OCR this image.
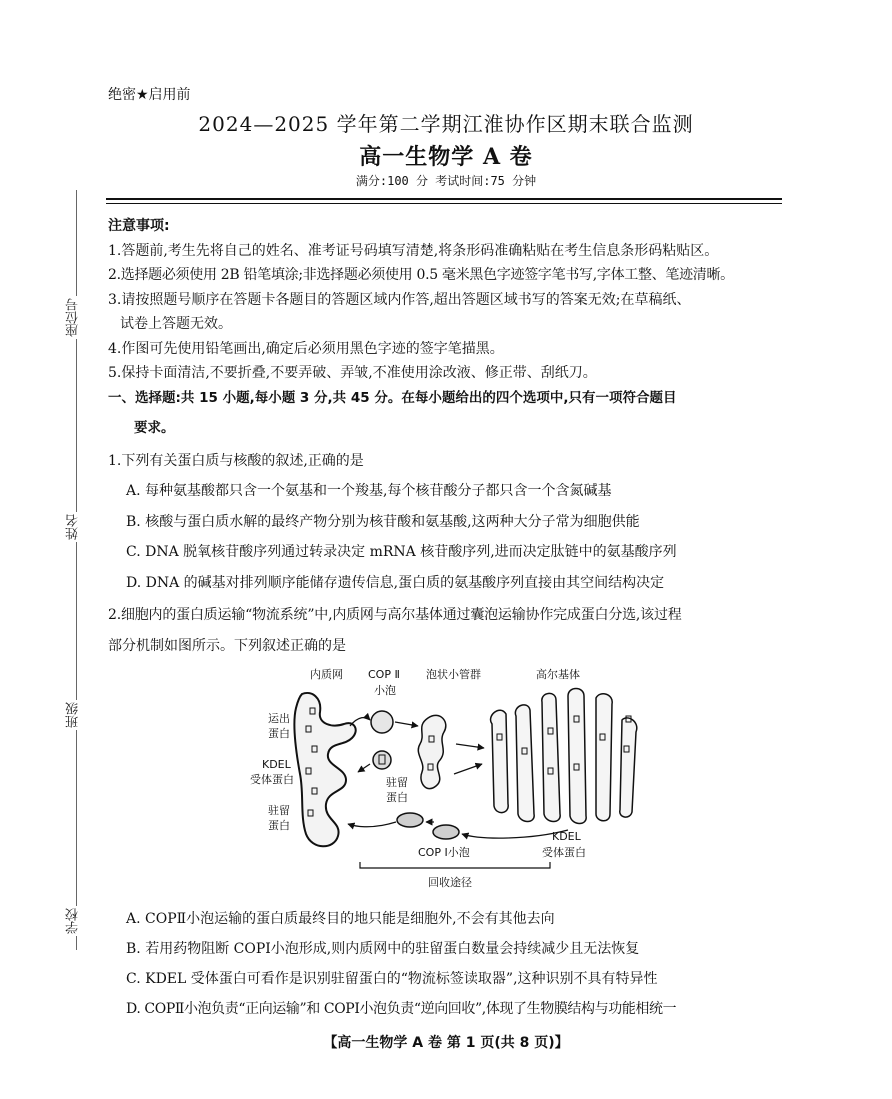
座位号
姓名
班级
学校
绝密★启用前
2024—2025 学年第二学期江淮协作区期末联合监测
高一生物学 A 卷
满分:100 分 考试时间:75 分钟
注意事项:
1.答题前,考生先将自己的姓名、准考证号码填写清楚,将条形码准确粘贴在考生信息条形码粘贴区。
2.选择题必须使用 2B 铅笔填涂;非选择题必须使用 0.5 毫米黑色字迹签字笔书写,字体工整、笔迹清晰。
3.请按照题号顺序在答题卡各题目的答题区域内作答,超出答题区域书写的答案无效;在草稿纸、
试卷上答题无效。
4.作图可先使用铅笔画出,确定后必须用黑色字迹的签字笔描黑。
5.保持卡面清洁,不要折叠,不要弄破、弄皱,不准使用涂改液、修正带、刮纸刀。
一、选择题:共 15 小题,每小题 3 分,共 45 分。在每小题给出的四个选项中,只有一项符合题目
要求。
1.下列有关蛋白质与核酸的叙述,正确的是
A. 每种氨基酸都只含一个氨基和一个羧基,每个核苷酸分子都只含一个含氮碱基
B. 核酸与蛋白质水解的最终产物分别为核苷酸和氨基酸,这两种大分子常为细胞供能
C. DNA 脱氧核苷酸序列通过转录决定 mRNA 核苷酸序列,进而决定肽链中的氨基酸序列
D. DNA 的碱基对排列顺序能储存遗传信息,蛋白质的氨基酸序列直接由其空间结构决定
2.细胞内的蛋白质运输“物流系统”中,内质网与高尔基体通过囊泡运输协作完成蛋白分选,该过程
部分机制如图所示。下列叙述正确的是
内质网 COP Ⅱ
小泡
泡状小管群	高尔基体
运出
蛋白
KDEL
受体蛋白
驻留
蛋白
驻留
蛋白
COP Ⅰ小泡
KDEL
受体蛋白
回收途径
A. COPⅡ小泡运输的蛋白质最终目的地只能是细胞外,不会有其他去向
B. 若用药物阻断 COPⅠ小泡形成,则内质网中的驻留蛋白数量会持续减少且无法恢复
C. KDEL 受体蛋白可看作是识别驻留蛋白的“物流标签读取器”,这种识别不具有特异性
D. COPⅡ小泡负责“正向运输”和 COPⅠ小泡负责“逆向回收”,体现了生物膜结构与功能相统一
【高一生物学 A 卷 第 1 页(共 8 页)】
